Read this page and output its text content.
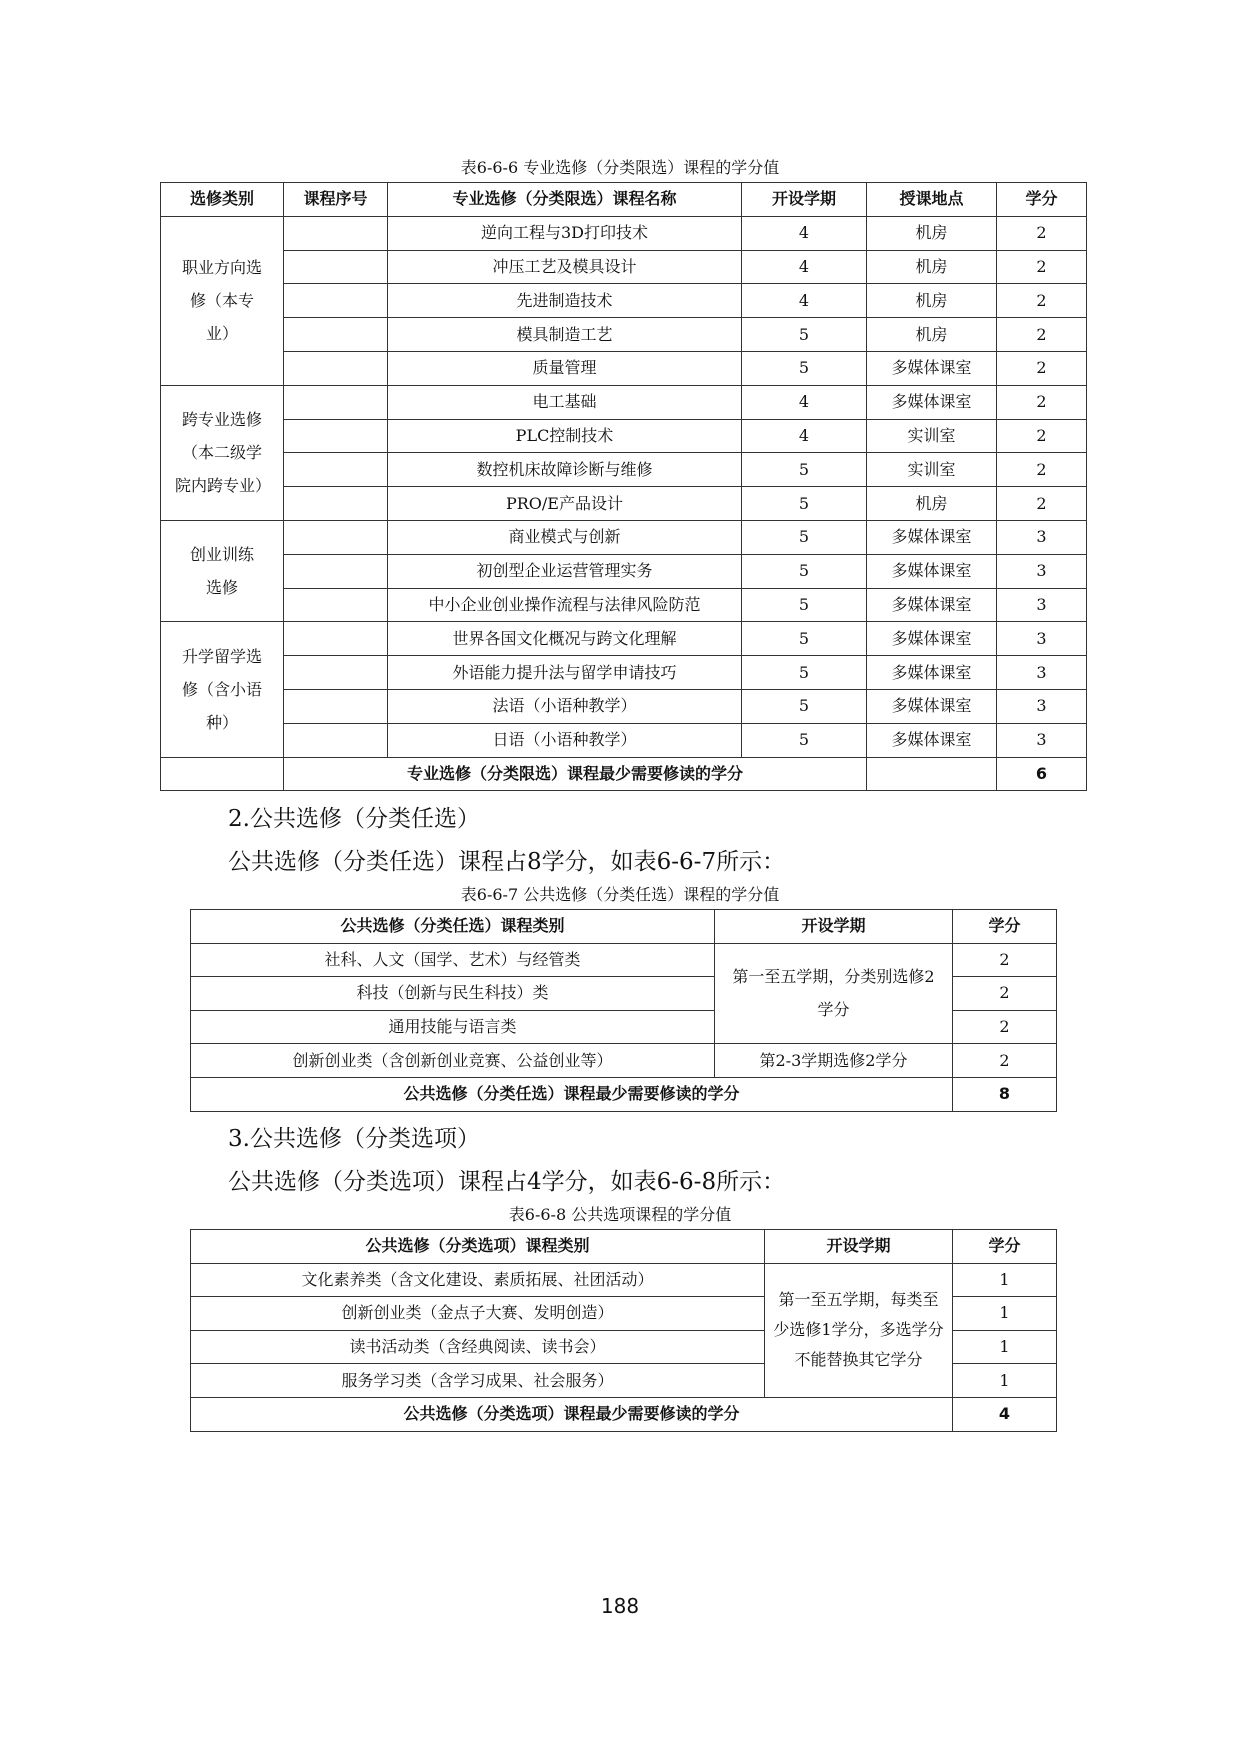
表6-6-6 专业选修（分类限选）课程的学分值
选修类别	课程序号	专业选修（分类限选）课程名称	开设学期	授课地点	学分
职业方向选修（本专业）		逆向工程与3D打印技术	4	机房	2
		冲压工艺及模具设计	4	机房	2
		先进制造技术	4	机房	2
		模具制造工艺	5	机房	2
		质量管理	5	多媒体课室	2
跨专业选修（本二级学院内跨专业）		电工基础	4	多媒体课室	2
		PLC控制技术	4	实训室	2
		数控机床故障诊断与维修	5	实训室	2
		PRO/E产品设计	5	机房	2
创业训练选修		商业模式与创新	5	多媒体课室	3
		初创型企业运营管理实务	5	多媒体课室	3
		中小企业创业操作流程与法律风险防范	5	多媒体课室	3
升学留学选修（含小语种）		世界各国文化概况与跨文化理解	5	多媒体课室	3
		外语能力提升法与留学申请技巧	5	多媒体课室	3
		法语（小语种教学）	5	多媒体课室	3
		日语（小语种教学）	5	多媒体课室	3
	专业选修（分类限选）课程最少需要修读的学分				6
2.公共选修（分类任选）
公共选修（分类任选）课程占8学分，如表6-6-7所示：
表6-6-7 公共选修（分类任选）课程的学分值
公共选修（分类任选）课程类别	开设学期	学分
社科、人文（国学、艺术）与经管类	第一至五学期，分类别选修2学分	2
科技（创新与民生科技）类		2
通用技能与语言类		2
创新创业类（含创新创业竞赛、公益创业等）	第2-3学期选修2学分	2
公共选修（分类任选）课程最少需要修读的学分		8
3.公共选修（分类选项）
公共选修（分类选项）课程占4学分，如表6-6-8所示：
表6-6-8 公共选项课程的学分值
公共选修（分类选项）课程类别	开设学期	学分
文化素养类（含文化建设、素质拓展、社团活动）	第一至五学期，每类至少选修1学分，多选学分不能替换其它学分	1
创新创业类（金点子大赛、发明创造）		1
读书活动类（含经典阅读、读书会）		1
服务学习类（含学习成果、社会服务）		1
公共选修（分类选项）课程最少需要修读的学分		4
188
